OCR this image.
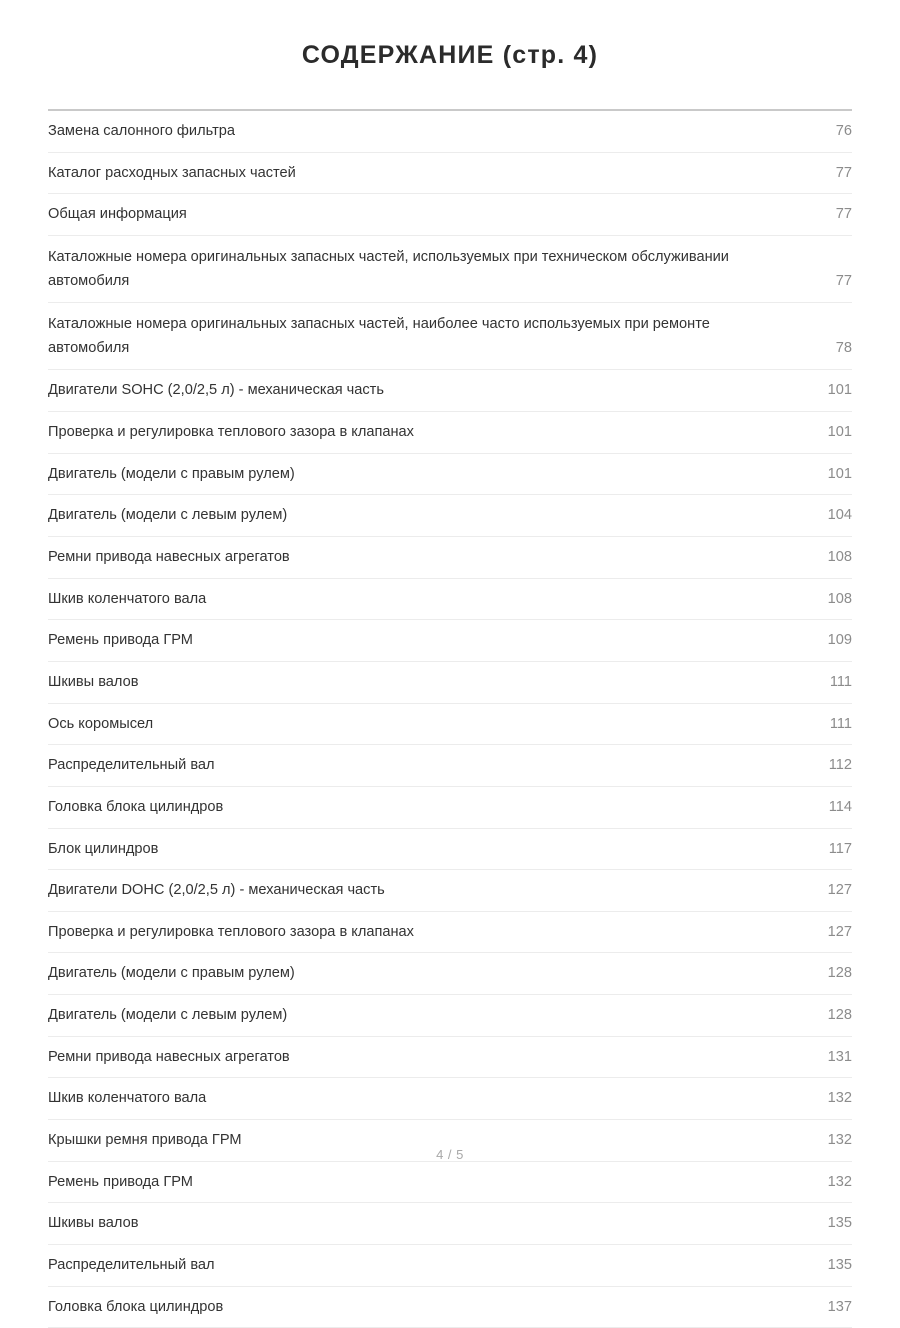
СОДЕРЖАНИЕ (стр. 4)
Замена салонного фильтра	76
Каталог расходных запасных частей	77
Общая информация	77
Каталожные номера оригинальных запасных частей, используемых при техническом обслуживании автомобиля	77
Каталожные номера оригинальных запасных частей, наиболее часто используемых при ремонте автомобиля	78
Двигатели SOHC (2,0/2,5 л) - механическая часть	101
Проверка и регулировка теплового зазора в клапанах	101
Двигатель (модели с правым рулем)	101
Двигатель (модели с левым рулем)	104
Ремни привода навесных агрегатов	108
Шкив коленчатого вала	108
Ремень привода ГРМ	109
Шкивы валов	111
Ось коромысел	111
Распределительный вал	112
Головка блока цилиндров	114
Блок цилиндров	117
Двигатели DOHC (2,0/2,5 л) - механическая часть	127
Проверка и регулировка теплового зазора в клапанах	127
Двигатель (модели с правым рулем)	128
Двигатель (модели с левым рулем)	128
Ремни привода навесных агрегатов	131
Шкив коленчатого вала	132
Крышки ремня привода ГРМ	132
Ремень привода ГРМ	132
Шкивы валов	135
Распределительный вал	135
Головка блока цилиндров	137
4 / 5
